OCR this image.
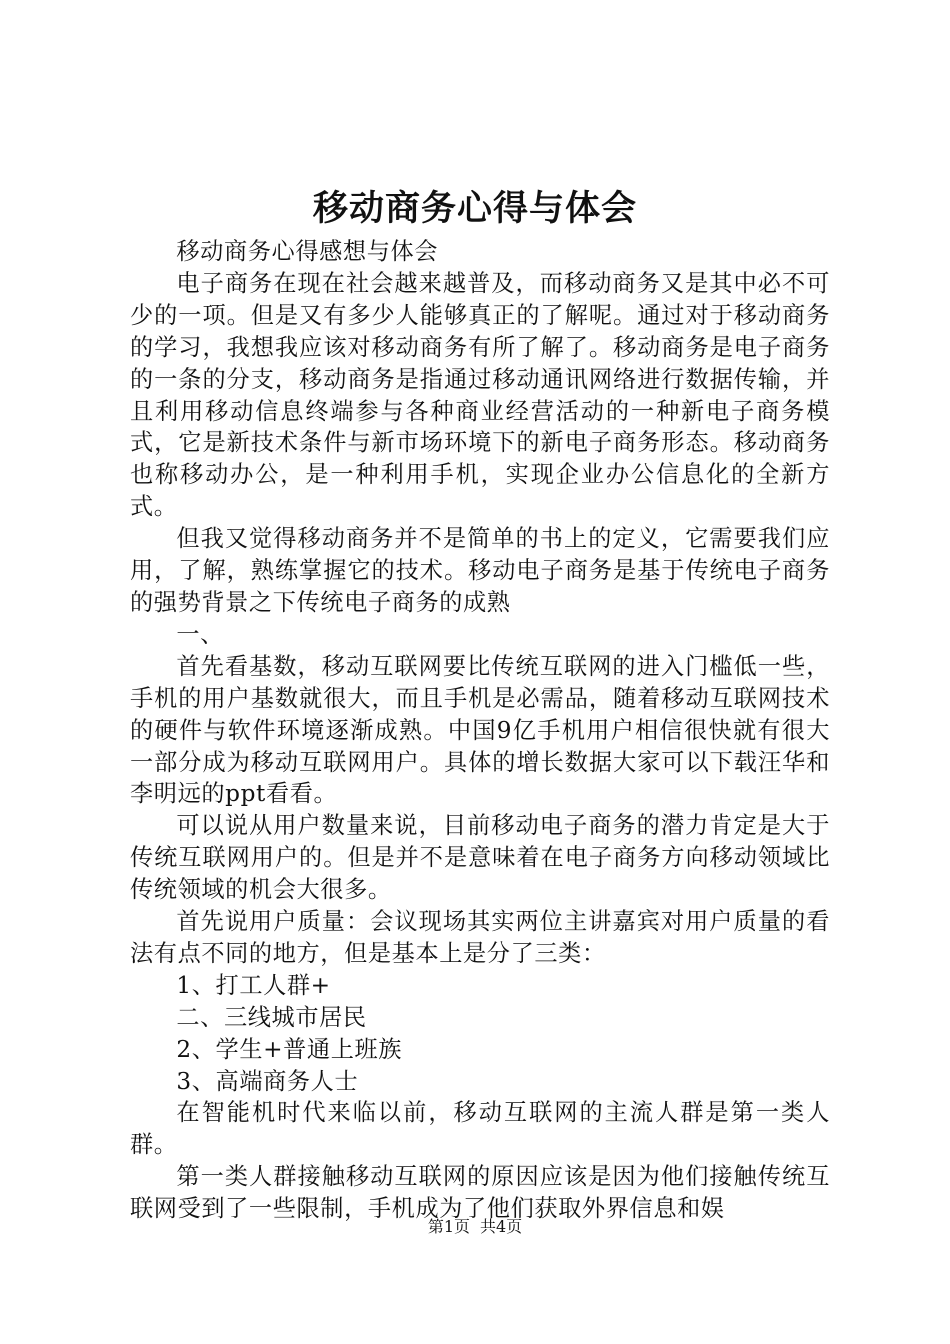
移动商务心得与体会

移动商务心得感想与体会

电子商务在现在社会越来越普及，而移动商务又是其中必不可少的一项。但是又有多少人能够真正的了解呢。通过对于移动商务的学习，我想我应该对移动商务有所了解了。移动商务是电子商务的一条的分支，移动商务是指通过移动通讯网络进行数据传输，并且利用移动信息终端参与各种商业经营活动的一种新电子商务模式，它是新技术条件与新市场环境下的新电子商务形态。移动商务也称移动办公，是一种利用手机，实现企业办公信息化的全新方式。

但我又觉得移动商务并不是简单的书上的定义，它需要我们应用，了解，熟练掌握它的技术。移动电子商务是基于传统电子商务的强势背景之下传统电子商务的成熟

一、

首先看基数，移动互联网要比传统互联网的进入门槛低一些，手机的用户基数就很大，而且手机是必需品，随着移动互联网技术的硬件与软件环境逐渐成熟。中国9亿手机用户相信很快就有很大一部分成为移动互联网用户。具体的增长数据大家可以下载汪华和李明远的ppt看看。

可以说从用户数量来说，目前移动电子商务的潜力肯定是大于传统互联网用户的。但是并不是意味着在电子商务方向移动领域比传统领域的机会大很多。

首先说用户质量：会议现场其实两位主讲嘉宾对用户质量的看法有点不同的地方，但是基本上是分了三类：

1、打工人群+

二、三线城市居民

2、学生+普通上班族

3、高端商务人士

在智能机时代来临以前，移动互联网的主流人群是第一类人群。

第一类人群接触移动互联网的原因应该是因为他们接触传统互联网受到了一些限制，手机成为了他们获取外界信息和娱

第1页 共4页
